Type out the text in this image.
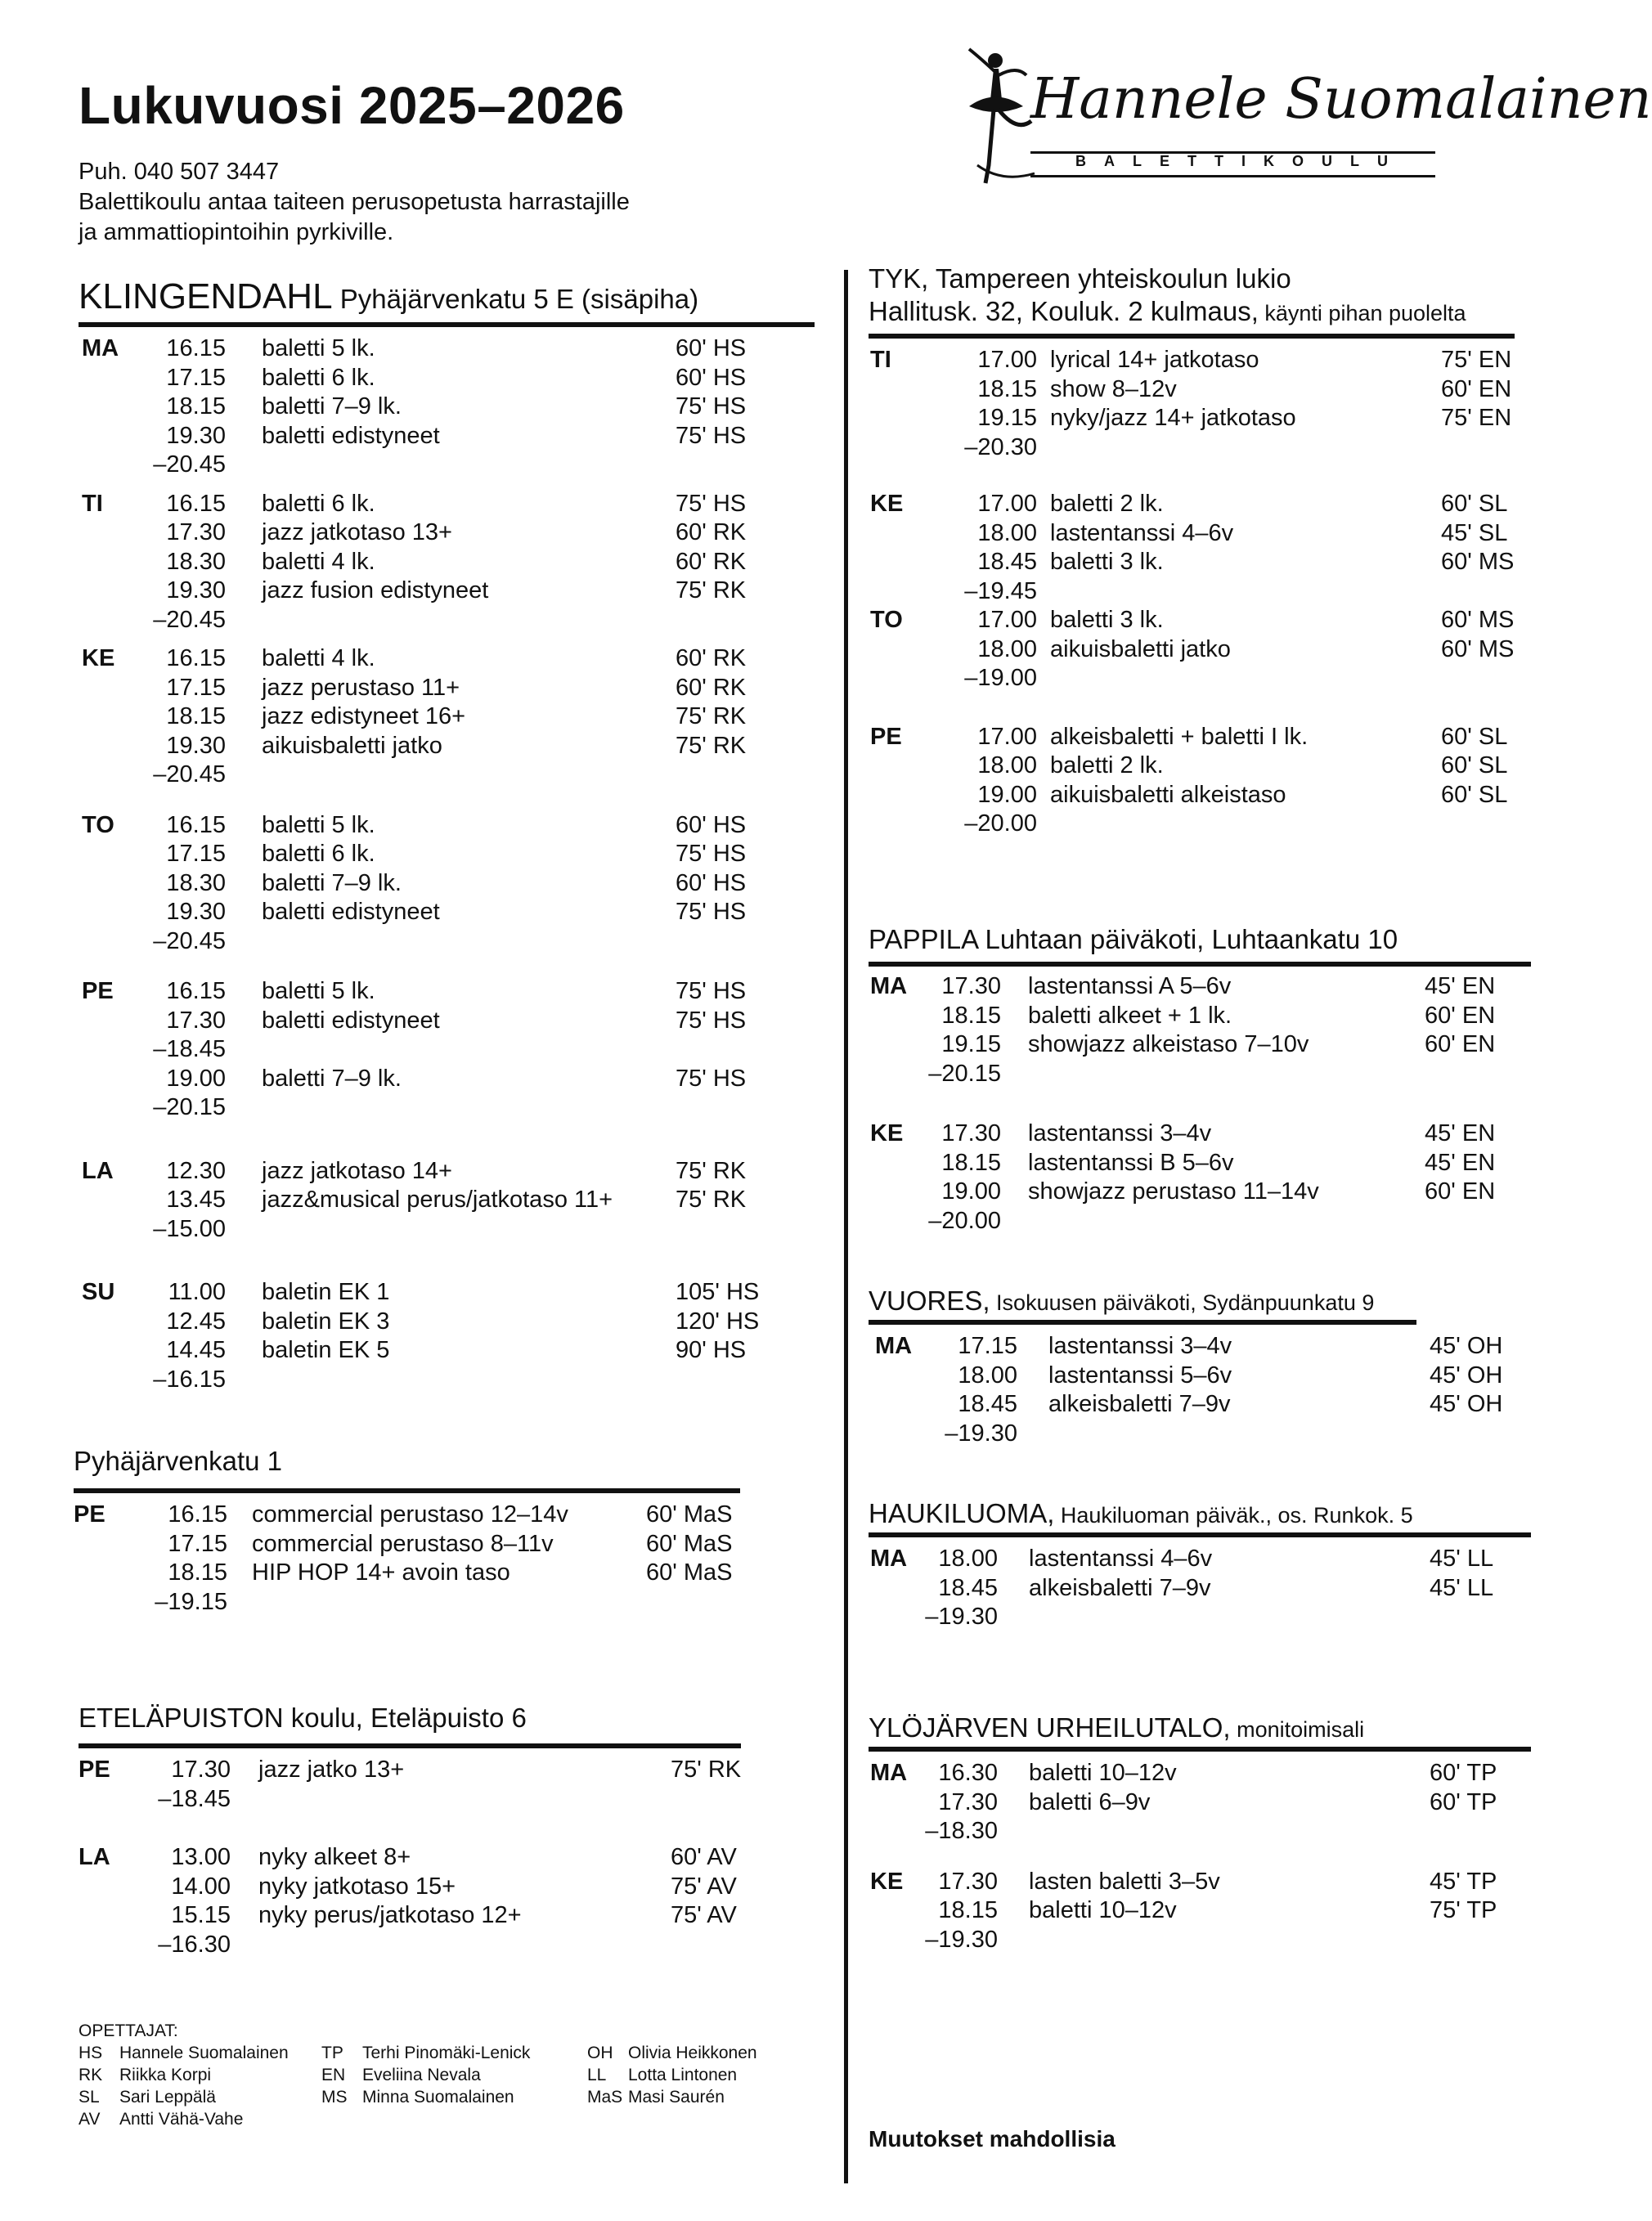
Lukuvuosi 2025–2026
Puh. 040 507 3447
Balettikoulu antaa taiteen perusopetusta harrastajille
ja ammattiopintoihin pyrkiville.
Hannele Suomalainen
BALETTIKOULU
KLINGENDAHL Pyhäjärvenkatu 5 E (sisäpiha)
MA	16.15 baletti 5 lk.	60' HS
17.15 baletti 6 lk.	60' HS
18.15 baletti 7–9 lk.	75' HS
19.30 baletti edistyneet	75' HS
–20.45
TI	16.15 baletti 6 lk.	75' HS
17.30 jazz jatkotaso 13+	60' RK
18.30 baletti 4 lk.	60' RK
19.30 jazz fusion edistyneet	75' RK
–20.45
KE	16.15 baletti 4 lk.	60' RK
17.15 jazz perustaso 11+	60' RK
18.15 jazz edistyneet 16+	75' RK
19.30 aikuisbaletti jatko	75' RK
–20.45
TO	16.15 baletti 5 lk.	60' HS
17.15 baletti 6 lk.	75' HS
18.30 baletti 7–9 lk.	60' HS
19.30 baletti edistyneet	75' HS
–20.45
PE	16.15 baletti 5 lk.	75' HS
17.30 baletti edistyneet	75' HS
–18.45
19.00 baletti 7–9 lk.	75' HS
–20.15
LA	12.30 jazz jatkotaso 14+	75' RK
13.45 jazz&musical perus/jatkotaso 11+	75' RK
–15.00
SU	11.00 baletin EK 1	105' HS
12.45 baletin EK 3	120' HS
14.45 baletin EK 5	90' HS
–16.15
Pyhäjärvenkatu 1
PE	16.15 commercial perustaso 12–14v	60' MaS
17.15 commercial perustaso 8–11v	60' MaS
18.15 HIP HOP 14+ avoin taso	60' MaS
–19.15
ETELÄPUISTON koulu, Eteläpuisto 6
PE	17.30 jazz jatko 13+	75' RK
–18.45
LA	13.00 nyky alkeet 8+	60' AV
14.00 nyky jatkotaso 15+	75' AV
15.15 nyky perus/jatkotaso 12+	75' AV
–16.30
TYK, Tampereen yhteiskoulun lukio
Hallitusk. 32, Kouluk. 2 kulmaus, käynti pihan puolelta
TI	17.00 lyrical 14+ jatkotaso	75' EN
18.15 show 8–12v	60' EN
19.15 nyky/jazz 14+ jatkotaso	75' EN
–20.30
KE	17.00 baletti 2 lk.	60' SL
18.00 lastentanssi 4–6v	45' SL
18.45 baletti 3 lk.	60' MS
–19.45
TO	17.00 baletti 3 lk.	60' MS
18.00 aikuisbaletti jatko	60' MS
–19.00
PE	17.00 alkeisbaletti + baletti I lk.	60' SL
18.00 baletti 2 lk.	60' SL
19.00 aikuisbaletti alkeistaso	60' SL
–20.00
PAPPILA Luhtaan päiväkoti, Luhtaankatu 10
MA	17.30 lastentanssi A 5–6v	45' EN
18.15 baletti alkeet + 1 lk.	60' EN
19.15 showjazz alkeistaso 7–10v	60' EN
–20.15
KE	17.30 lastentanssi 3–4v	45' EN
18.15 lastentanssi B 5–6v	45' EN
19.00 showjazz perustaso 11–14v	60' EN
–20.00
VUORES, Isokuusen päiväkoti, Sydänpuunkatu 9
MA	17.15 lastentanssi 3–4v	45' OH
18.00 lastentanssi 5–6v	45' OH
18.45 alkeisbaletti 7–9v	45' OH
–19.30
HAUKILUOMA, Haukiluoman päiväk., os. Runkok. 5
MA	18.00 lastentanssi 4–6v	45' LL
18.45 alkeisbaletti 7–9v	45' LL
–19.30
YLÖJÄRVEN URHEILUTALO, monitoimisali
MA	16.30 baletti 10–12v	60' TP
17.30 baletti 6–9v	60' TP
–18.30
KE	17.30 lasten baletti 3–5v	45' TP
18.15 baletti 10–12v	75' TP
–19.30
OPETTAJAT:
HS Hannele Suomalainen
RK Riikka Korpi
SL Sari Leppälä
AV Antti Vähä-Vahe
TP Terhi Pinomäki-Lenick
EN Eveliina Nevala
MS Minna Suomalainen
OH Olivia Heikkonen
LL Lotta Lintonen
MaS Masi Saurén
Muutokset mahdollisia
